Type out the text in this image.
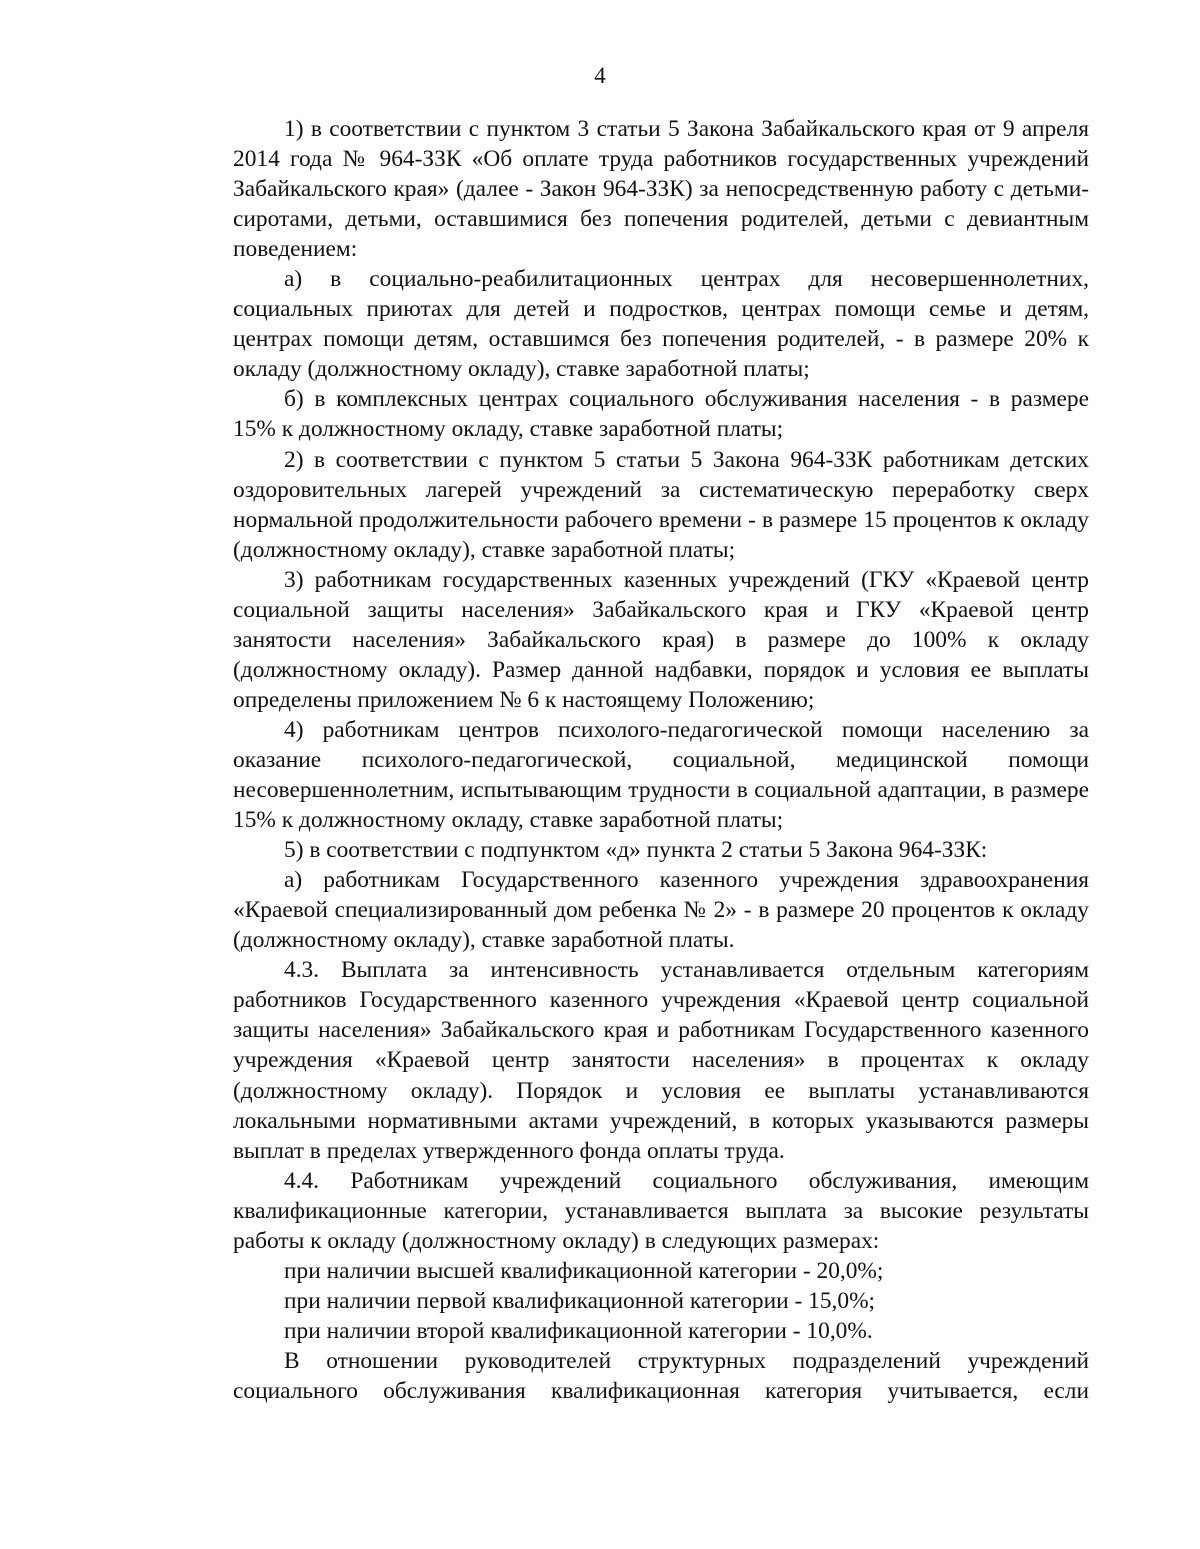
4

1) в соответствии с пунктом 3 статьи 5 Закона Забайкальского края от 9 апреля 2014 года № 964-ЗЗК «Об оплате труда работников государственных учреждений Забайкальского края» (далее - Закон 964-ЗЗК) за непосредственную работу с детьми-сиротами, детьми, оставшимися без попечения родителей, детьми с девиантным поведением:

а) в социально-реабилитационных центрах для несовершеннолетних, социальных приютах для детей и подростков, центрах помощи семье и детям, центрах помощи детям, оставшимся без попечения родителей, - в размере 20% к окладу (должностному окладу), ставке заработной платы;

б) в комплексных центрах социального обслуживания населения - в размере 15% к должностному окладу, ставке заработной платы;

2) в соответствии с пунктом 5 статьи 5 Закона 964-ЗЗК работникам детских оздоровительных лагерей учреждений за систематическую переработку сверх нормальной продолжительности рабочего времени - в размере 15 процентов к окладу (должностному окладу), ставке заработной платы;

3) работникам государственных казенных учреждений (ГКУ «Краевой центр социальной защиты населения» Забайкальского края и ГКУ «Краевой центр занятости населения» Забайкальского края) в размере до 100% к окладу (должностному окладу). Размер данной надбавки, порядок и условия ее выплаты определены приложением № 6 к настоящему Положению;

4) работникам центров психолого-педагогической помощи населению за оказание психолого-педагогической, социальной, медицинской помощи несовершеннолетним, испытывающим трудности в социальной адаптации, в размере 15% к должностному окладу, ставке заработной платы;

5) в соответствии с подпунктом «д» пункта 2 статьи 5 Закона 964-ЗЗК:

а) работникам Государственного казенного учреждения здравоохранения «Краевой специализированный дом ребенка № 2» - в размере 20 процентов к окладу (должностному окладу), ставке заработной платы.

4.3. Выплата за интенсивность устанавливается отдельным категориям работников Государственного казенного учреждения «Краевой центр социальной защиты населения» Забайкальского края и работникам Государственного казенного учреждения «Краевой центр занятости населения» в процентах к окладу (должностному окладу). Порядок и условия ее выплаты устанавливаются локальными нормативными актами учреждений, в которых указываются размеры выплат в пределах утвержденного фонда оплаты труда.

4.4. Работникам учреждений социального обслуживания, имеющим квалификационные категории, устанавливается выплата за высокие результаты работы к окладу (должностному окладу) в следующих размерах:

при наличии высшей квалификационной категории - 20,0%;

при наличии первой квалификационной категории - 15,0%;

при наличии второй квалификационной категории - 10,0%.

В отношении руководителей структурных подразделений учреждений социального обслуживания квалификационная категория учитывается, если
